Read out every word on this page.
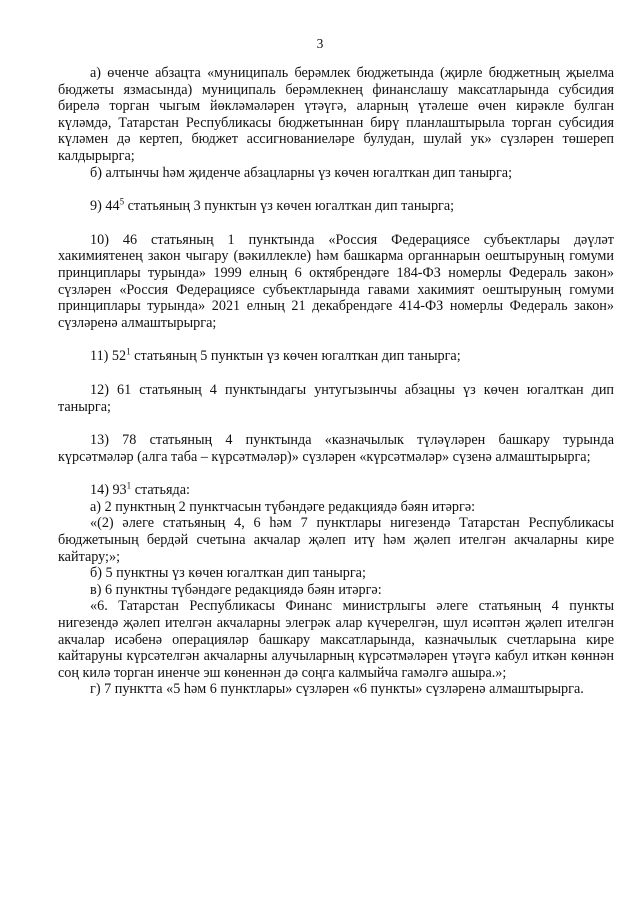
3

а) өченче абзацта «муниципаль берәмлек бюджетында (җирле бюджетның җыелма бюджеты язмасында) муниципаль берәмлекнең финанслашу максатларында субсидия бирелә торган чыгым йөкләмәләрен үтәүгә, аларның үтәлеше өчен кирәкле булган күләмдә, Татарстан Республикасы бюджетыннан бирү планлаштырыла торган субсидия күләмен дә кертеп, бюджет ассигнованиеләре булудан, шулай ук» сүзләрен төшереп калдырырга;

б) алтынчы һәм җиденче абзацларны үз көчен югалткан дип танырга;

9) $44^5$ статьяның 3 пунктын үз көчен югалткан дип танырга;

10) 46 статьяның 1 пунктында «Россия Федерациясе субъектлары дәүләт хакимиятенең закон чыгару (вәкиллекле) һәм башкарма органнарын оештыруның гомуми принциплары турында» 1999 елның 6 октябрендәге 184-ФЗ номерлы Федераль закон» сүзләрен «Россия Федерациясе субъектларында гавами хакимият оештыруның гомуми принциплары турында» 2021 елның 21 декабрендәге 414-ФЗ номерлы Федераль закон» сүзләренә алмаштырырга;

11) $52^1$ статьяның 5 пунктын үз көчен югалткан дип танырга;

12) 61 статьяның 4 пунктындагы унтугызынчы абзацны үз көчен югалткан дип танырга;

13) 78 статьяның 4 пунктында «казначылык түләүләрен башкару турында күрсәтмәләр (алга таба – күрсәтмәләр)» сүзләрен «күрсәтмәләр» сүзенә алмаштырырга;

14) $93^1$ статьяда:

а) 2 пунктның 2 пунктчасын түбәндәге редакциядә бәян итәргә:

«(2) әлеге статьяның 4, 6 һәм 7 пунктлары нигезендә Татарстан Республикасы бюджетының бердәй счетына акчалар җәлеп итү һәм җәлеп ителгән акчаларны кире кайтару;»;

б) 5 пунктны үз көчен югалткан дип танырга;

в) 6 пунктны түбәндәге редакциядә бәян итәргә:

«6. Татарстан Республикасы Финанс министрлыгы әлеге статьяның 4 пункты нигезендә җәлеп ителгән акчаларны элегрәк алар күчерелгән, шул исәптән җәлеп ителгән акчалар исәбенә операцияләр башкару максатларында, казначылык счетларына кире кайтаруны күрсәтелгән акчаларны алучыларның күрсәтмәләрен үтәүгә кабул иткән көннән соң килә торган иненче эш көненнән дә соңга калмыйча гамәлгә ашыра.»;

г) 7 пунктта «5 һәм 6 пунктлары» сүзләрен «6 пункты» сүзләренә алмаштырырга.
